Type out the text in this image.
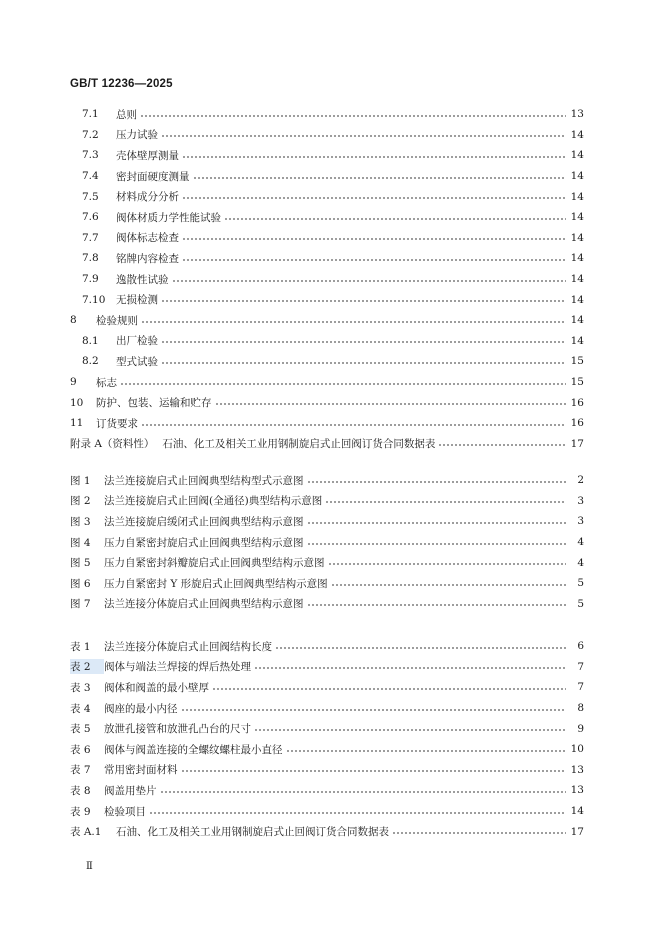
GB/T 12236—2025
7.1	总则	13
7.2	压力试验	14
7.3	壳体壁厚测量	14
7.4	密封面硬度测量	14
7.5	材料成分分析	14
7.6	阀体材质力学性能试验	14
7.7	阀体标志检查	14
7.8	铭牌内容检查	14
7.9	逸散性试验	14
7.10	无损检测	14
8	检验规则	14
8.1	出厂检验	14
8.2	型式试验	15
9	标志	15
10	防护、包装、运输和贮存	16
11	订货要求	16
附录 A（资料性） 石油、化工及相关工业用钢制旋启式止回阀订货合同数据表	17
图 1	法兰连接旋启式止回阀典型结构型式示意图	2
图 2	法兰连接旋启式止回阀(全通径)典型结构示意图	3
图 3	法兰连接旋启缓闭式止回阀典型结构示意图	3
图 4	压力自紧密封旋启式止回阀典型结构示意图	4
图 5	压力自紧密封斜瓣旋启式止回阀典型结构示意图	4
图 6	压力自紧密封 Y 形旋启式止回阀典型结构示意图	5
图 7	法兰连接分体旋启式止回阀典型结构示意图	5
表 1	法兰连接分体旋启式止回阀结构长度	6
表 2	阀体与端法兰焊接的焊后热处理	7
表 3	阀体和阀盖的最小壁厚	7
表 4	阀座的最小内径	8
表 5	放泄孔接管和放泄孔凸台的尺寸	9
表 6	阀体与阀盖连接的全螺纹螺柱最小直径	10
表 7	常用密封面材料	13
表 8	阀盖用垫片	13
表 9	检验项目	14
表 A.1	石油、化工及相关工业用钢制旋启式止回阀订货合同数据表	17
Ⅱ
